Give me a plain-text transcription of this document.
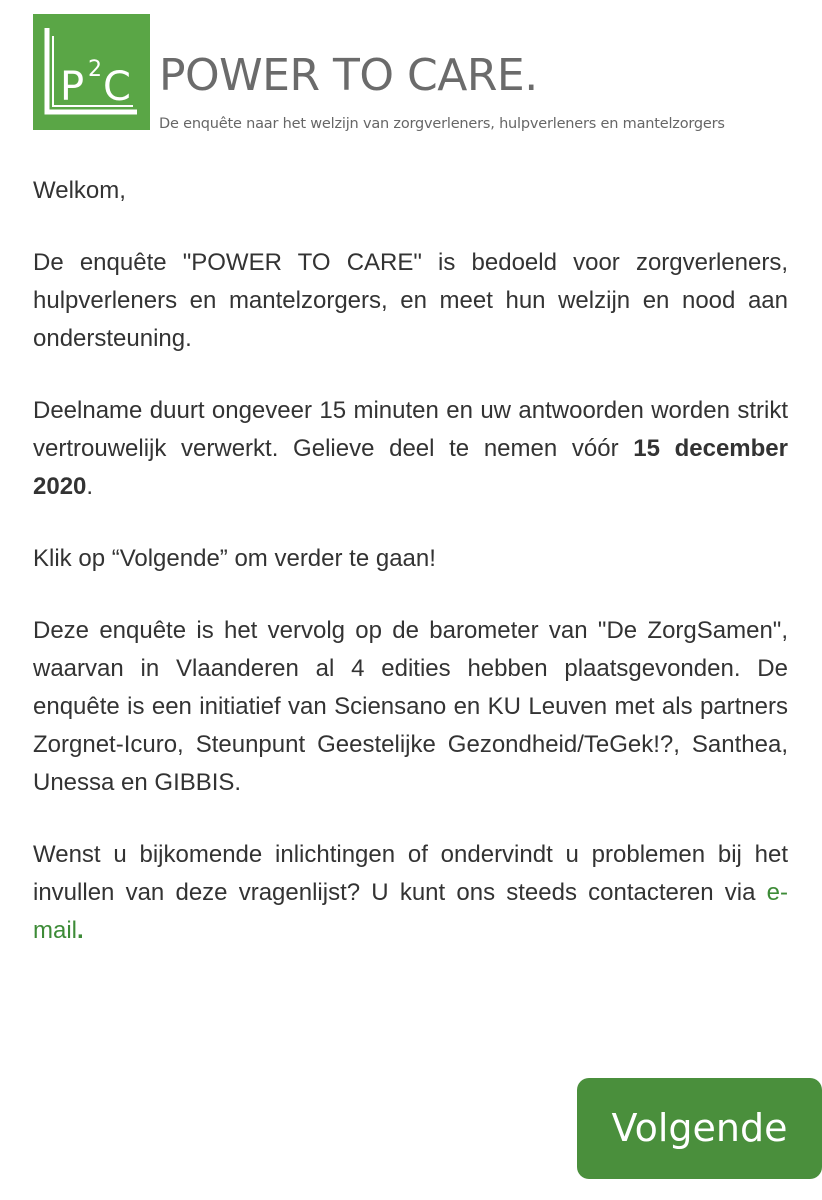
P 2 C POWER TO CARE.
De enquête naar het welzijn van zorgverleners, hulpverleners en mantelzorgers

Welkom,

De enquête "POWER TO CARE" is bedoeld voor zorgverleners, hulpverleners en mantelzorgers, en meet hun welzijn en nood aan ondersteuning.

Deelname duurt ongeveer 15 minuten en uw antwoorden worden strikt vertrouwelijk verwerkt. Gelieve deel te nemen vóór 15 december 2020.

Klik op “Volgende” om verder te gaan!

Deze enquête is het vervolg op de barometer van "De ZorgSamen", waarvan in Vlaanderen al 4 edities hebben plaatsgevonden. De enquête is een initiatief van Sciensano en KU Leuven met als partners Zorgnet-Icuro, Steunpunt Geestelijke Gezondheid/TeGek!?, Santhea, Unessa en GIBBIS.

Wenst u bijkomende inlichtingen of ondervindt u problemen bij het invullen van deze vragenlijst? U kunt ons steeds contacteren via e-mail.

Volgende
